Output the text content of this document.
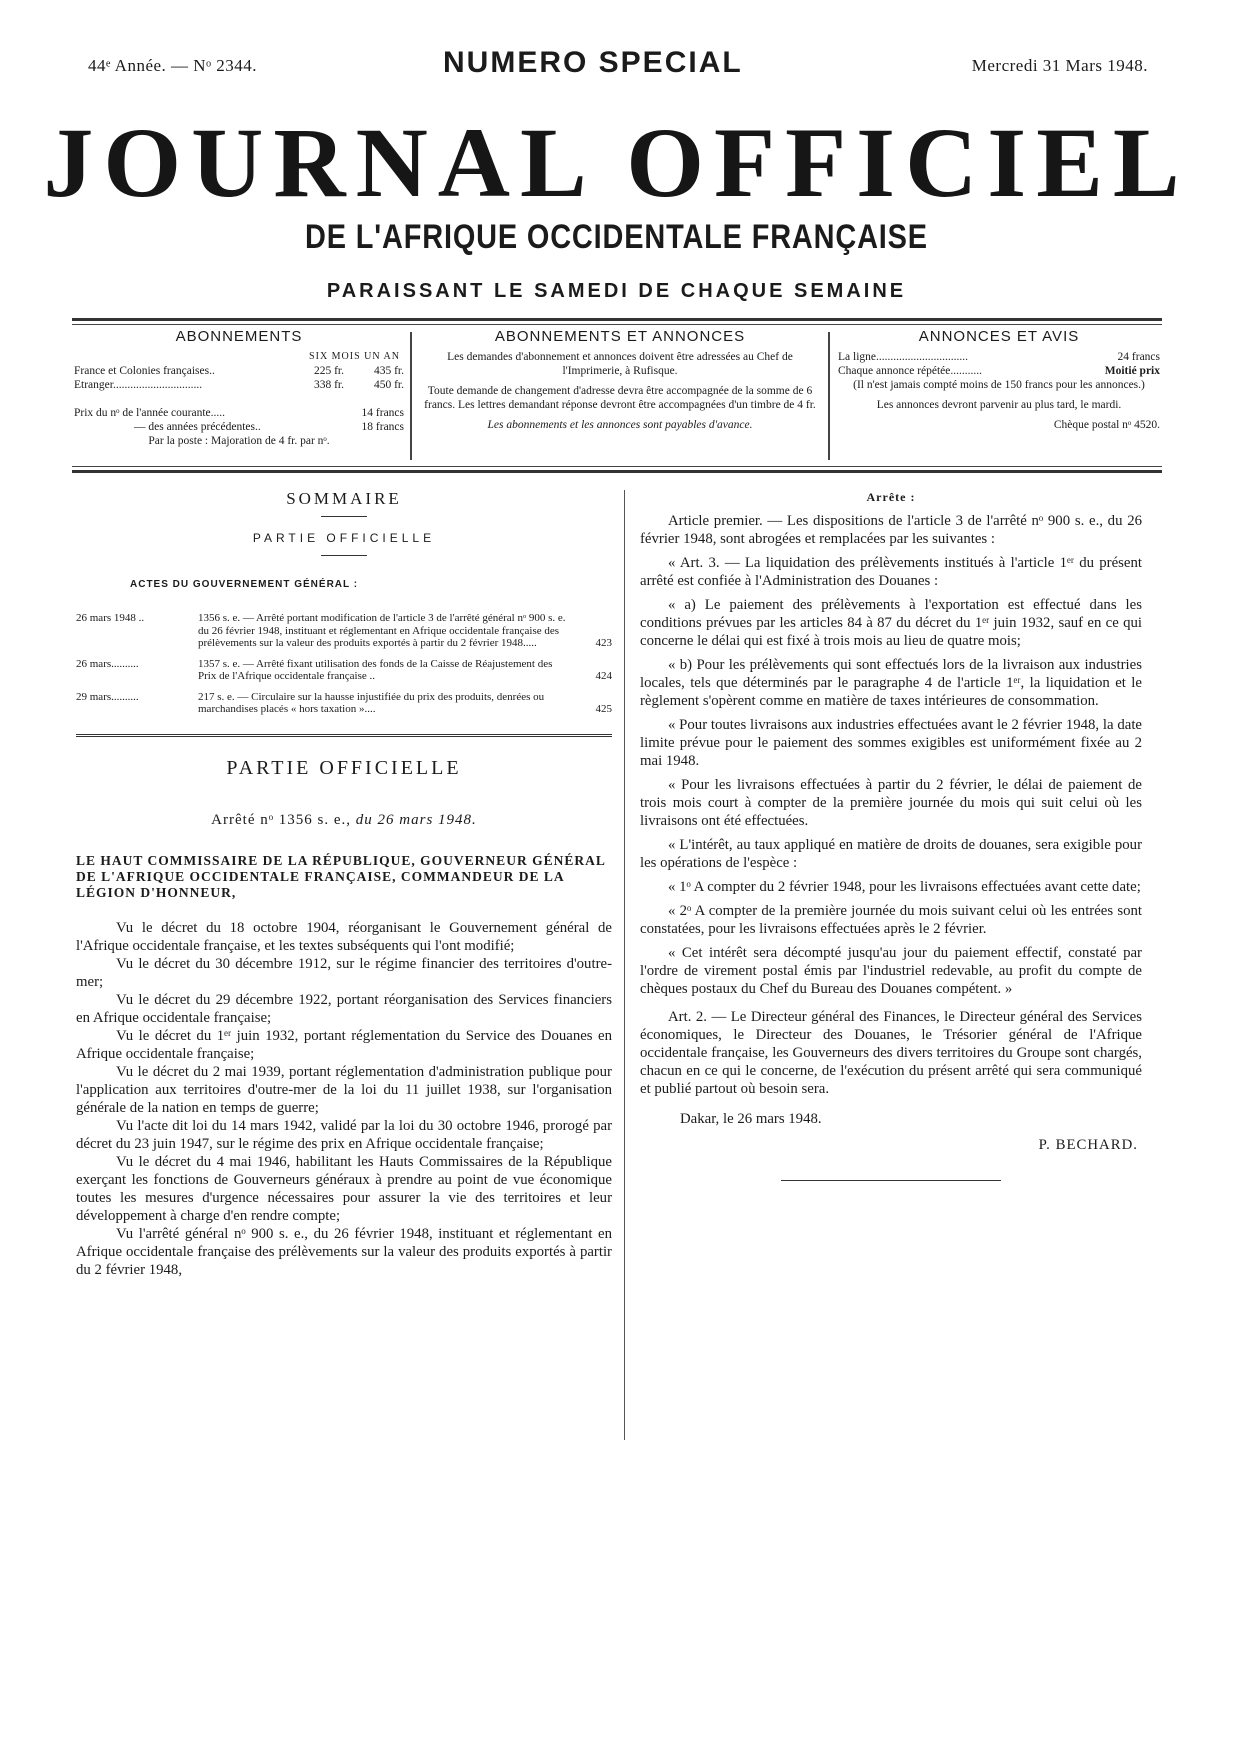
44ᵉ Année. — Nᵒ 2344.	NUMERO SPECIAL	Mercredi 31 Mars 1948.
JOURNAL OFFICIEL
DE L'AFRIQUE OCCIDENTALE FRANÇAISE
PARAISSANT LE SAMEDI DE CHAQUE SEMAINE
ABONNEMENTS
SIX MOIS UN AN
France et Colonies françaises..	225 fr.	435 fr.
Etranger...............................	338 fr.	450 fr.
Prix du nᵒ de l'année courante.....	14 francs
— des années précédentes..	18 francs
Par la poste : Majoration de 4 fr. par nᵒ.
ABONNEMENTS ET ANNONCES

Les demandes d'abonnement et annonces doivent être adressées au Chef de l'Imprimerie, à Rufisque.

Toute demande de changement d'adresse devra être accompagnée de la somme de 6 francs. Les lettres demandant réponse devront être accompagnées d'un timbre de 4 fr.

Les abonnements et les annonces sont payables d'avance.

ANNONCES ET AVIS
La ligne................................	24 francs
Chaque annonce répétée...........	Moitié prix

(Il n'est jamais compté moins de 150 francs pour les annonces.)

Les annonces devront parvenir au plus tard, le mardi.

Chèque postal nᵒ 4520.
SOMMAIRE
PARTIE OFFICIELLE
ACTES DU GOUVERNEMENT GÉNÉRAL :
26 mars 1948 ..	1356 s. e. — Arrêté portant modification de l'article 3 de l'arrêté général nᵒ 900 s. e. du 26 février 1948, instituant et réglementant en Afrique occidentale française des prélèvements sur la valeur des produits exportés à partir du 2 février 1948.....	423
26 mars..........	1357 s. e. — Arrêté fixant utilisation des fonds de la Caisse de Réajustement des Prix de l'Afrique occidentale française ..	424
29 mars..........	217 s. e. — Circulaire sur la hausse injustifiée du prix des produits, denrées ou marchandises placés « hors taxation »....	425
PARTIE OFFICIELLE
Arrêté nᵒ 1356 s. e., du 26 mars 1948.
LE HAUT COMMISSAIRE DE LA RÉPUBLIQUE, GOUVERNEUR GÉNÉRAL DE L'AFRIQUE OCCIDENTALE FRANÇAISE, COMMANDEUR DE LA LÉGION D'HONNEUR,

Vu le décret du 18 octobre 1904, réorganisant le Gouvernement général de l'Afrique occidentale française, et les textes subséquents qui l'ont modifié;

Vu le décret du 30 décembre 1912, sur le régime financier des territoires d'outre-mer;

Vu le décret du 29 décembre 1922, portant réorganisation des Services financiers en Afrique occidentale française;

Vu le décret du 1ᵉʳ juin 1932, portant réglementation du Service des Douanes en Afrique occidentale française;

Vu le décret du 2 mai 1939, portant réglementation d'administration publique pour l'application aux territoires d'outre-mer de la loi du 11 juillet 1938, sur l'organisation générale de la nation en temps de guerre;

Vu l'acte dit loi du 14 mars 1942, validé par la loi du 30 octobre 1946, prorogé par décret du 23 juin 1947, sur le régime des prix en Afrique occidentale française;

Vu le décret du 4 mai 1946, habilitant les Hauts Commissaires de la République exerçant les fonctions de Gouverneurs généraux à prendre au point de vue économique toutes les mesures d'urgence nécessaires pour assurer la vie des territoires et leur développement à charge d'en rendre compte;

Vu l'arrêté général nᵒ 900 s. e., du 26 février 1948, instituant et réglementant en Afrique occidentale française des prélèvements sur la valeur des produits exportés à partir du 2 février 1948,

Arrête :

Article premier. — Les dispositions de l'article 3 de l'arrêté nᵒ 900 s. e., du 26 février 1948, sont abrogées et remplacées par les suivantes :

« Art. 3. — La liquidation des prélèvements institués à l'article 1ᵉʳ du présent arrêté est confiée à l'Administration des Douanes :

« a) Le paiement des prélèvements à l'exportation est effectué dans les conditions prévues par les articles 84 à 87 du décret du 1ᵉʳ juin 1932, sauf en ce qui concerne le délai qui est fixé à trois mois au lieu de quatre mois;

« b) Pour les prélèvements qui sont effectués lors de la livraison aux industries locales, tels que déterminés par le paragraphe 4 de l'article 1ᵉʳ, la liquidation et le règlement s'opèrent comme en matière de taxes intérieures de consommation.

« Pour toutes livraisons aux industries effectuées avant le 2 février 1948, la date limite prévue pour le paiement des sommes exigibles est uniformément fixée au 2 mai 1948.

« Pour les livraisons effectuées à partir du 2 février, le délai de paiement de trois mois court à compter de la première journée du mois qui suit celui où les livraisons ont été effectuées.

« L'intérêt, au taux appliqué en matière de droits de douanes, sera exigible pour les opérations de l'espèce :

« 1ᵒ A compter du 2 février 1948, pour les livraisons effectuées avant cette date;

« 2ᵒ A compter de la première journée du mois suivant celui où les entrées sont constatées, pour les livraisons effectuées après le 2 février.

« Cet intérêt sera décompté jusqu'au jour du paiement effectif, constaté par l'ordre de virement postal émis par l'industriel redevable, au profit du compte de chèques postaux du Chef du Bureau des Douanes compétent. »

Art. 2. — Le Directeur général des Finances, le Directeur général des Services économiques, le Directeur des Douanes, le Trésorier général de l'Afrique occidentale française, les Gouverneurs des divers territoires du Groupe sont chargés, chacun en ce qui le concerne, de l'exécution du présent arrêté qui sera communiqué et publié partout où besoin sera.

Dakar, le 26 mars 1948.

P. BECHARD.
